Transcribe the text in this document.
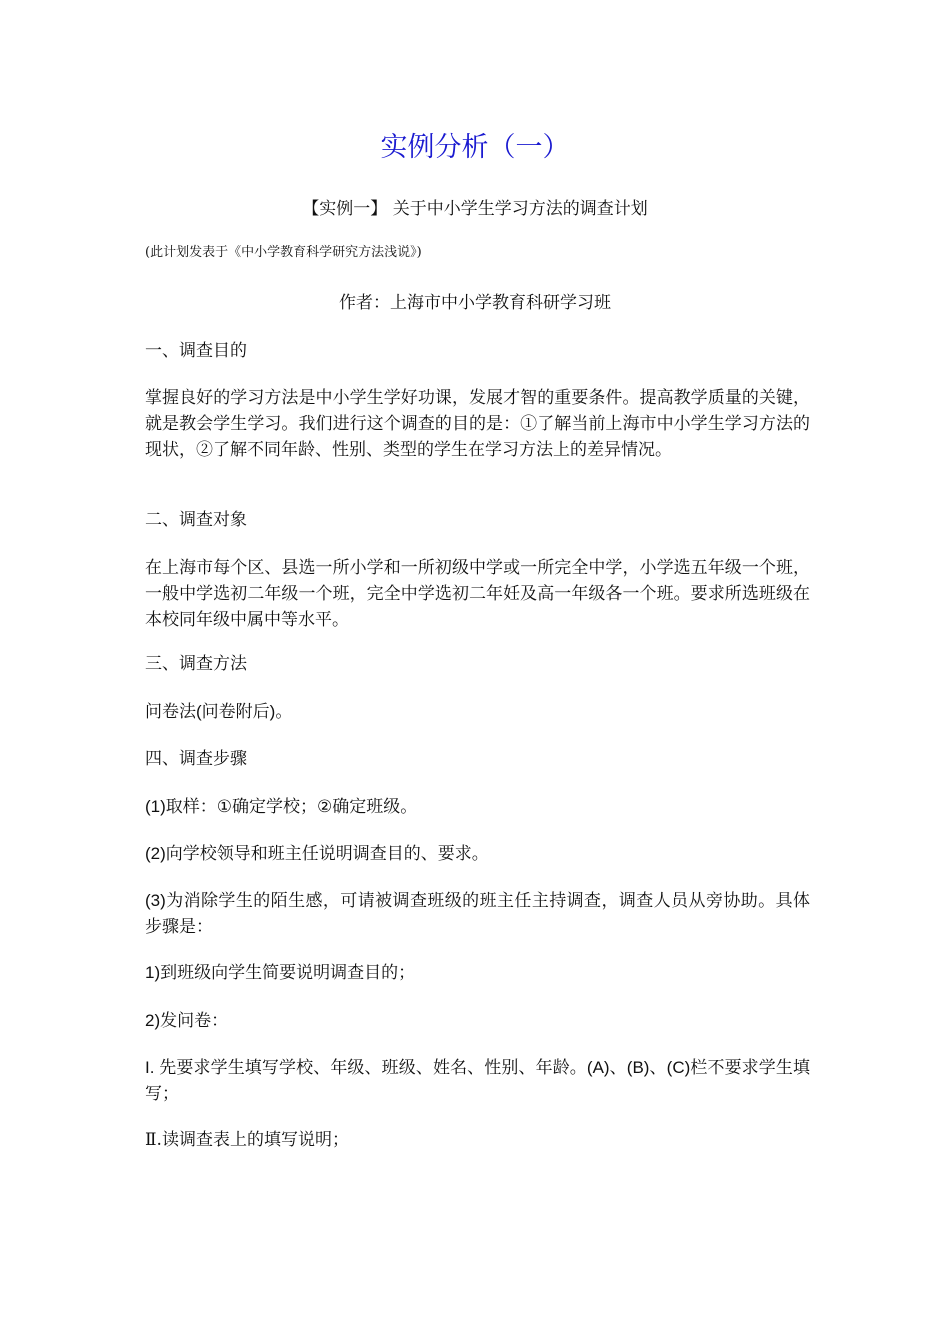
实例分析（一）
【实例一】 关于中小学生学习方法的调查计划
(此计划发表于《中小学教育科学研究方法浅说》)
作者：上海市中小学教育科研学习班
一、调查目的
掌握良好的学习方法是中小学生学好功课，发展才智的重要条件。提高教学质量的关键，就是教会学生学习。我们进行这个调查的目的是：①了解当前上海市中小学生学习方法的现状，②了解不同年龄、性别、类型的学生在学习方法上的差异情况。
二、调查对象
在上海市每个区、县选一所小学和一所初级中学或一所完全中学，小学选五年级一个班，一般中学选初二年级一个班，完全中学选初二年妊及高一年级各一个班。要求所选班级在本校同年级中属中等水平。
三、调查方法
问卷法(问卷附后)。
四、调查步骤
(1)取样：①确定学校；②确定班级。
(2)向学校领导和班主任说明调查目的、要求。
(3)为消除学生的陌生感，可请被调查班级的班主任主持调查，调查人员从旁协助。具体步骤是：
1)到班级向学生简要说明调查目的；
2)发问卷：
I. 先要求学生填写学校、年级、班级、姓名、性别、年龄。(A)、(B)、(C)栏不要求学生填写；
Ⅱ.读调查表上的填写说明；
